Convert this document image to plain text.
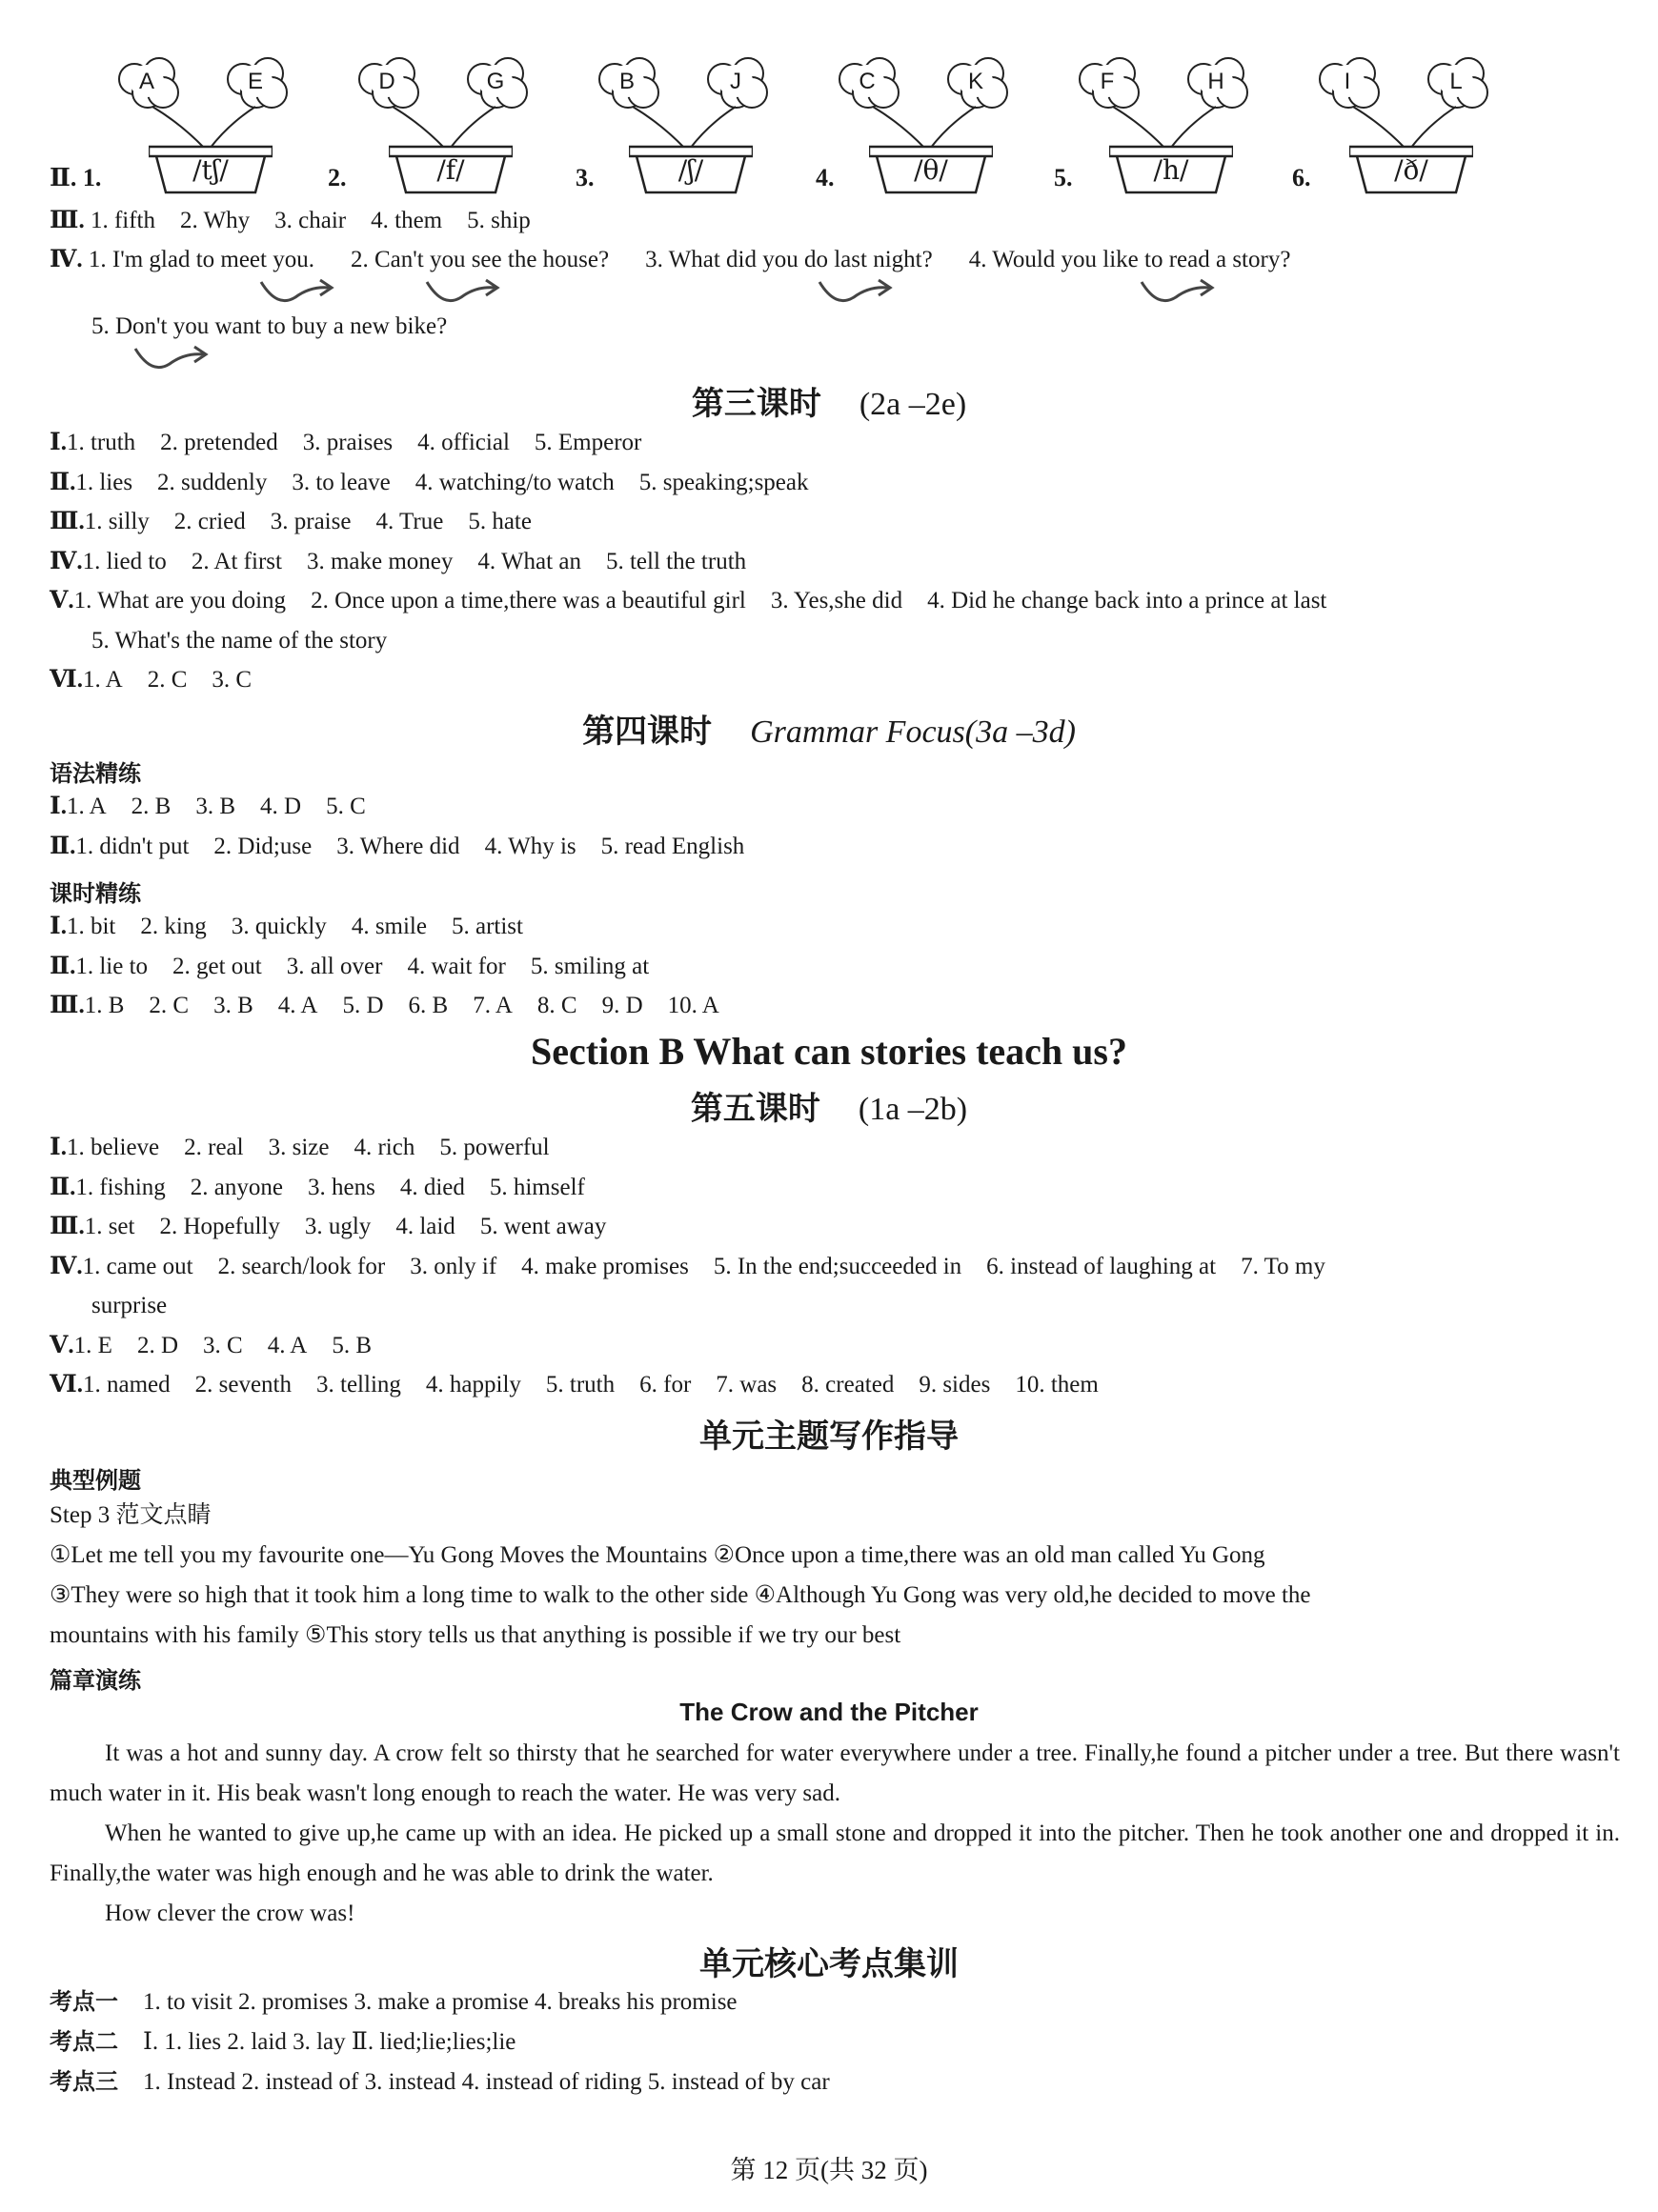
A	E
/tʃ/
Ⅱ. 1.
D	G
/f/
2.
B	J
/ʃ/
3.
C	K
/θ/
4.
F	H
/h/
5.
I	L
/ð/
6.
Ⅲ. 1. fifth 2. Why 3. chair 4. them 5. ship
Ⅳ. 1. I'm glad to meet you. 2. Can't you see the house? 3. What did you do last night? 4. Would you like to read a story?
5. Don't you want to buy a new bike?
第三课时 (2a –2e)
Ⅰ.1. truth 2. pretended 3. praises 4. official 5. Emperor
Ⅱ.1. lies 2. suddenly 3. to leave 4. watching/to watch 5. speaking;speak
Ⅲ.1. silly 2. cried 3. praise 4. True 5. hate
Ⅳ.1. lied to 2. At first 3. make money 4. What an 5. tell the truth
Ⅴ.1. What are you doing 2. Once upon a time,there was a beautiful girl 3. Yes,she did 4. Did he change back into a prince at last
5. What's the name of the story
Ⅵ.1. A 2. C 3. C
第四课时 Grammar Focus(3a –3d)
语法精练
Ⅰ.1. A 2. B 3. B 4. D 5. C
Ⅱ.1. didn't put 2. Did;use 3. Where did 4. Why is 5. read English
课时精练
Ⅰ.1. bit 2. king 3. quickly 4. smile 5. artist
Ⅱ.1. lie to 2. get out 3. all over 4. wait for 5. smiling at
Ⅲ.1. B 2. C 3. B 4. A 5. D 6. B 7. A 8. C 9. D 10. A
Section B What can stories teach us?
第五课时 (1a –2b)
Ⅰ.1. believe 2. real 3. size 4. rich 5. powerful
Ⅱ.1. fishing 2. anyone 3. hens 4. died 5. himself
Ⅲ.1. set 2. Hopefully 3. ugly 4. laid 5. went away
Ⅳ.1. came out 2. search/look for 3. only if 4. make promises 5. In the end;succeeded in 6. instead of laughing at 7. To my
surprise
Ⅴ.1. E 2. D 3. C 4. A 5. B
Ⅵ.1. named 2. seventh 3. telling 4. happily 5. truth 6. for 7. was 8. created 9. sides 10. them
单元主题写作指导
典型例题
Step 3 范文点睛
①Let me tell you my favourite one—Yu Gong Moves the Mountains ②Once upon a time,there was an old man called Yu Gong
③They were so high that it took him a long time to walk to the other side ④Although Yu Gong was very old,he decided to move the
mountains with his family ⑤This story tells us that anything is possible if we try our best
篇章演练
The Crow and the Pitcher
It was a hot and sunny day. A crow felt so thirsty that he searched for water everywhere under a tree. Finally,he found a pitcher under a tree. But there wasn't much water in it. His beak wasn't long enough to reach the water. He was very sad.
When he wanted to give up,he came up with an idea. He picked up a small stone and dropped it into the pitcher. Then he took another one and dropped it in. Finally,the water was high enough and he was able to drink the water.
How clever the crow was!
单元核心考点集训
考点一 1. to visit 2. promises 3. make a promise 4. breaks his promise
考点二 Ⅰ. 1. lies 2. laid 3. lay Ⅱ. lied;lie;lies;lie
考点三 1. Instead 2. instead of 3. instead 4. instead of riding 5. instead of by car
第 12 页(共 32 页)
